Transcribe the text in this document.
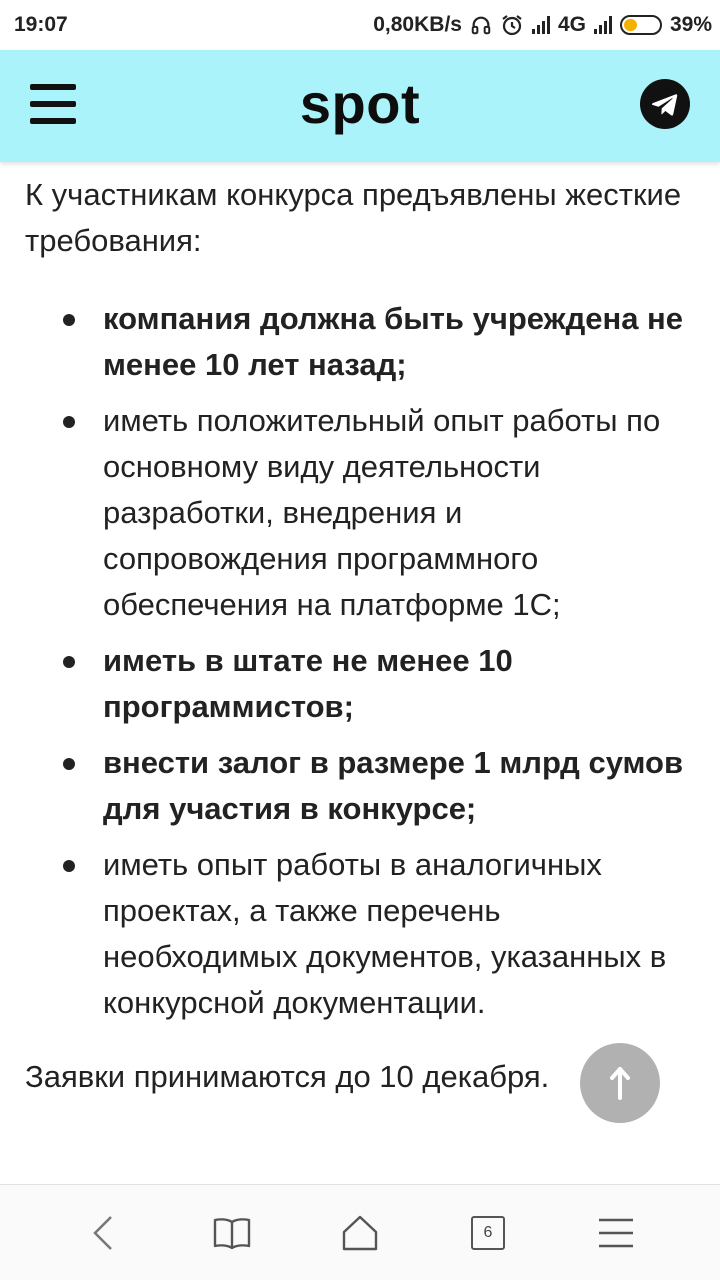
19:07	0,80KB/s	4G	39%
spot

К участникам конкурса предъявлены жесткие требования:

компания должна быть учреждена не менее 10 лет назад;
иметь положительный опыт работы по основному виду деятельности разработки, внедрения и сопровождения программного обеспечения на платформе 1С;
иметь в штате не менее 10 программистов;
внести залог в размере 1 млрд сумов для участия в конкурсе;
иметь опыт работы в аналогичных проектах, а также перечень необходимых документов, указанных в конкурсной документации.

Заявки принимаются до 10 декабря.

6
